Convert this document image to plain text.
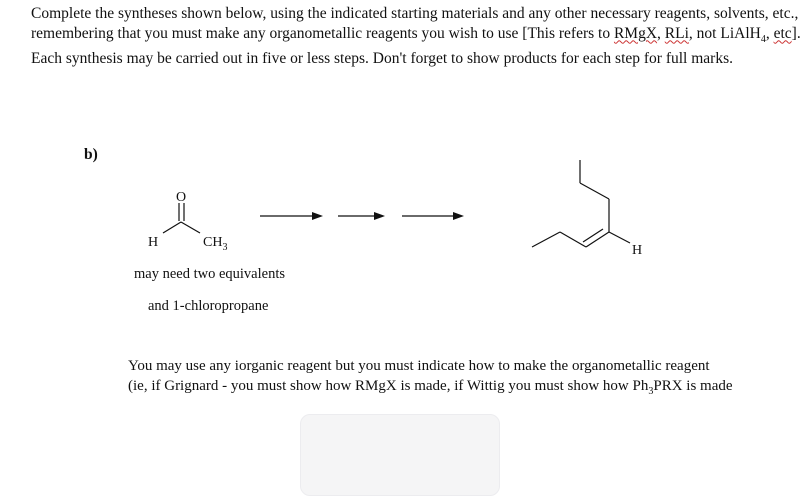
Complete the syntheses shown below, using the indicated starting materials and any other necessary reagents, solvents, etc., remembering that you must make any organometallic reagents you wish to use [This refers to RMgX, RLi, not LiAlH$_4$, etc]. Each synthesis may be carried out in five or less steps. Don't forget to show products for each step for full marks.
b)
O
H	$CH_3$	H
may need two equivalents
and 1-chloropropane
You may use any iorganic reagent but you must indicate how to make the organometallic reagent
(ie, if Grignard - you must show how RMgX is made, if Wittig you must show how $Ph_3PRX$ is made
